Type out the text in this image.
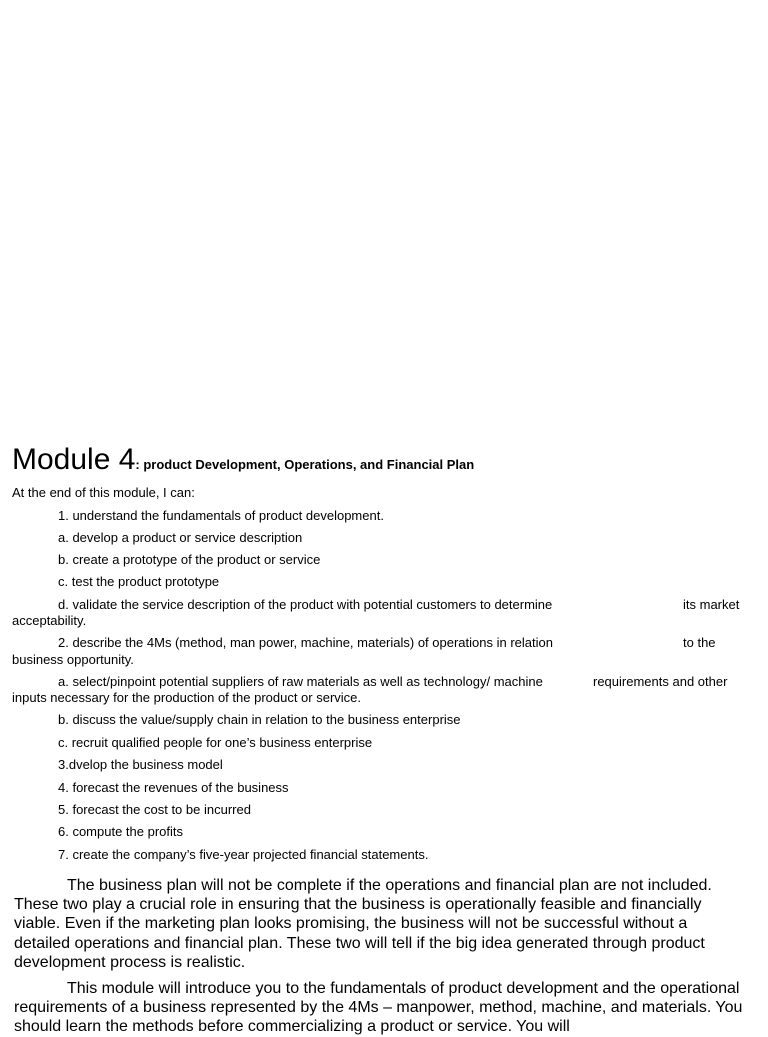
Module 4: product Development, Operations, and Financial Plan
At the end of this module, I can:
1. understand the fundamentals of product development.
a. develop a product or service description
b. create a prototype of the product or service
c. test the product prototype
d. validate the service description of the product with potential customers to determine	its market
acceptability.
2. describe the 4Ms (method, man power, machine, materials) of operations in relation	to the
business opportunity.
a. select/pinpoint potential suppliers of raw materials as well as technology/ machine	requirements and other
inputs necessary for the production of the product or service.
b. discuss the value/supply chain in relation to the business enterprise
c. recruit qualified people for one’s business enterprise
3.dvelop the business model
4. forecast the revenues of the business
5. forecast the cost to be incurred
6. compute the profits
7. create the company’s five-year projected financial statements.

The business plan will not be complete if the operations and financial plan are not included. These two play a crucial role in ensuring that the business is operationally feasible and financially viable. Even if the marketing plan looks promising, the business will not be successful without a detailed operations and financial plan. These two will tell if the big idea generated through product development process is realistic.

This module will introduce you to the fundamentals of product development and the operational requirements of a business represented by the 4Ms – manpower, method, machine, and materials. You should learn the methods before commercializing a product or service. You will
